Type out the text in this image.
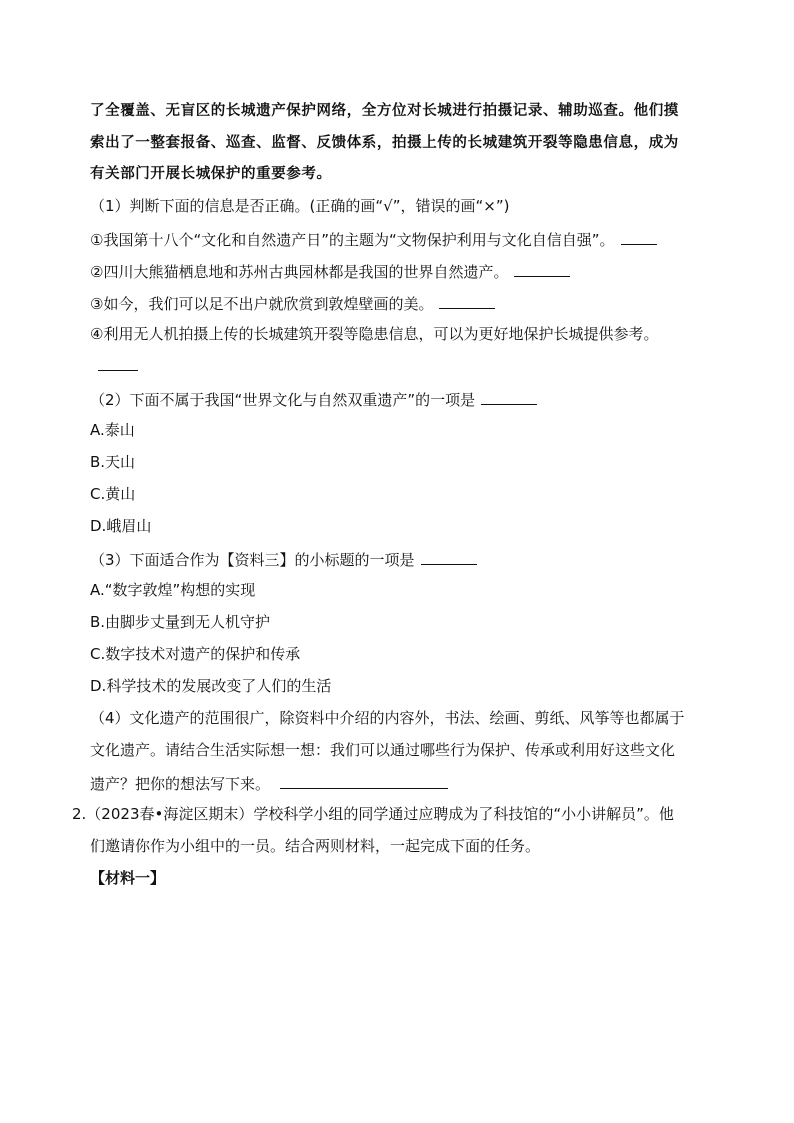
了全覆盖、无盲区的长城遗产保护网络，全方位对长城进行拍摄记录、辅助巡查。他们摸
索出了一整套报备、巡查、监督、反馈体系，拍摄上传的长城建筑开裂等隐患信息，成为
有关部门开展长城保护的重要参考。
（1）判断下面的信息是否正确。(正确的画“√”，错误的画“×”)
①我国第十八个“文化和自然遗产日”的主题为“文物保护利用与文化自信自强”。
②四川大熊猫栖息地和苏州古典园林都是我国的世界自然遗产。
③如今，我们可以足不出户就欣赏到敦煌壁画的美。
④利用无人机拍摄上传的长城建筑开裂等隐患信息，可以为更好地保护长城提供参考。
（2）下面不属于我国“世界文化与自然双重遗产”的一项是
A.泰山
B.天山
C.黄山
D.峨眉山
（3）下面适合作为【资料三】的小标题的一项是
A.“数字敦煌”构想的实现
B.由脚步丈量到无人机守护
C.数字技术对遗产的保护和传承
D.科学技术的发展改变了人们的生活
（4）文化遗产的范围很广，除资料中介绍的内容外，书法、绘画、剪纸、风筝等也都属于
文化遗产。请结合生活实际想一想：我们可以通过哪些行为保护、传承或利用好这些文化
遗产？把你的想法写下来。
2.（2023春•海淀区期末）学校科学小组的同学通过应聘成为了科技馆的“小小讲解员”。他
们邀请你作为小组中的一员。结合两则材料，一起完成下面的任务。
【材料一】
